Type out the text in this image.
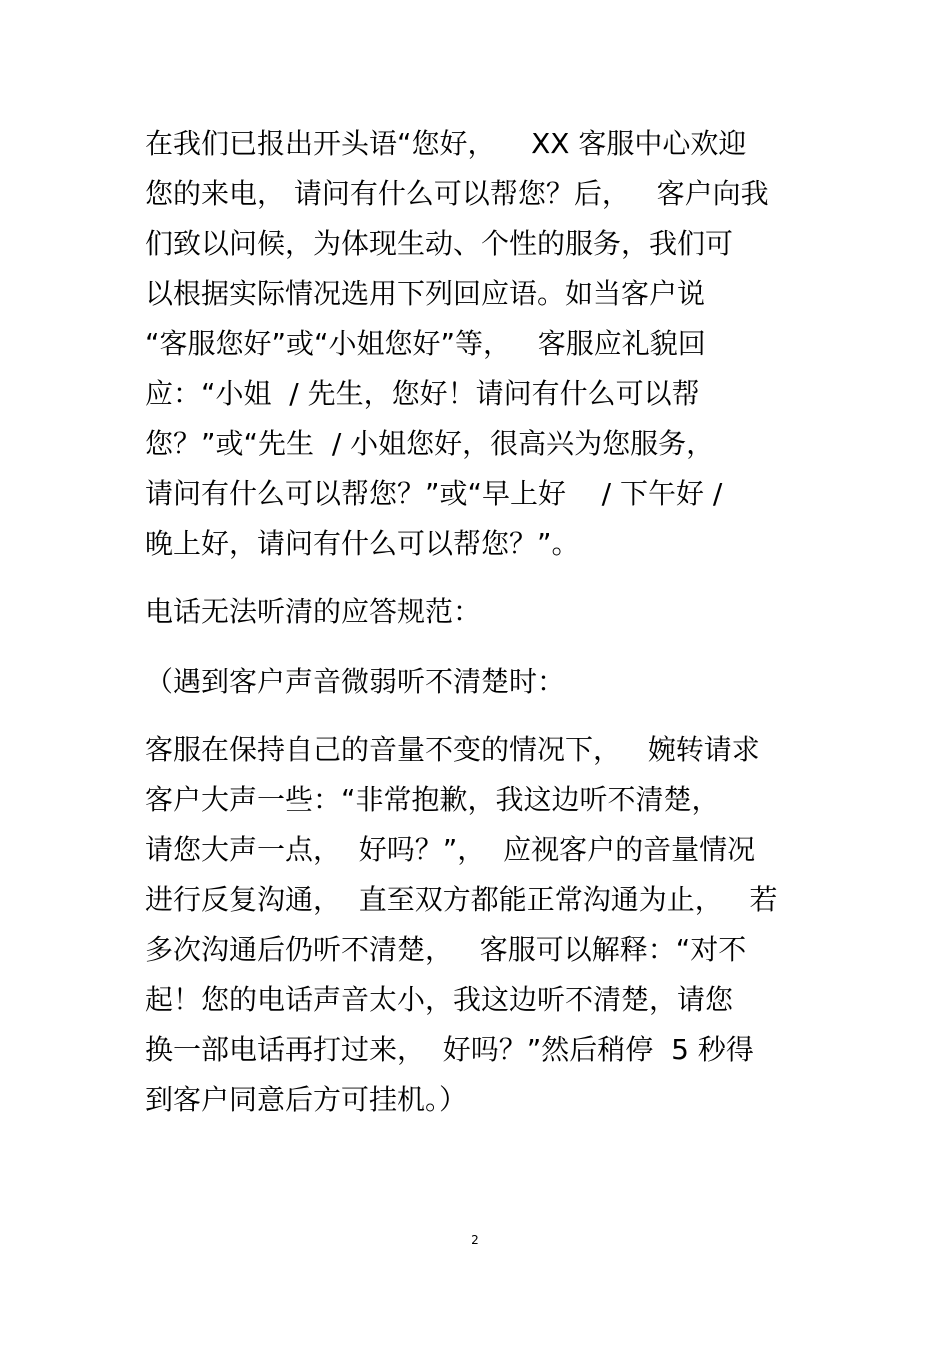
在我们已报出开头语“您好，    XX 客服中心欢迎
您的来电， 请问有什么可以帮您？后，   客户向我
们致以问候，为体现生动、个性的服务，我们可
以根据实际情况选用下列回应语。如当客户说
“客服您好”或“小姐您好”等，   客服应礼貌回
应：“小姐  / 先生，您好！请问有什么可以帮
您？”或“先生  / 小姐您好，很高兴为您服务，
请问有什么可以帮您？”或“早上好    / 下午好 /
晚上好，请问有什么可以帮您？”。
电话无法听清的应答规范：
（遇到客户声音微弱听不清楚时：
客服在保持自己的音量不变的情况下，   婉转请求
客户大声一些：“非常抱歉，我这边听不清楚，
请您大声一点，  好吗？”，  应视客户的音量情况
进行反复沟通，  直至双方都能正常沟通为止，   若
多次沟通后仍听不清楚，   客服可以解释：“对不
起！您的电话声音太小，我这边听不清楚，请您
换一部电话再打过来，  好吗？”然后稍停  5 秒得
到客户同意后方可挂机。）
2
